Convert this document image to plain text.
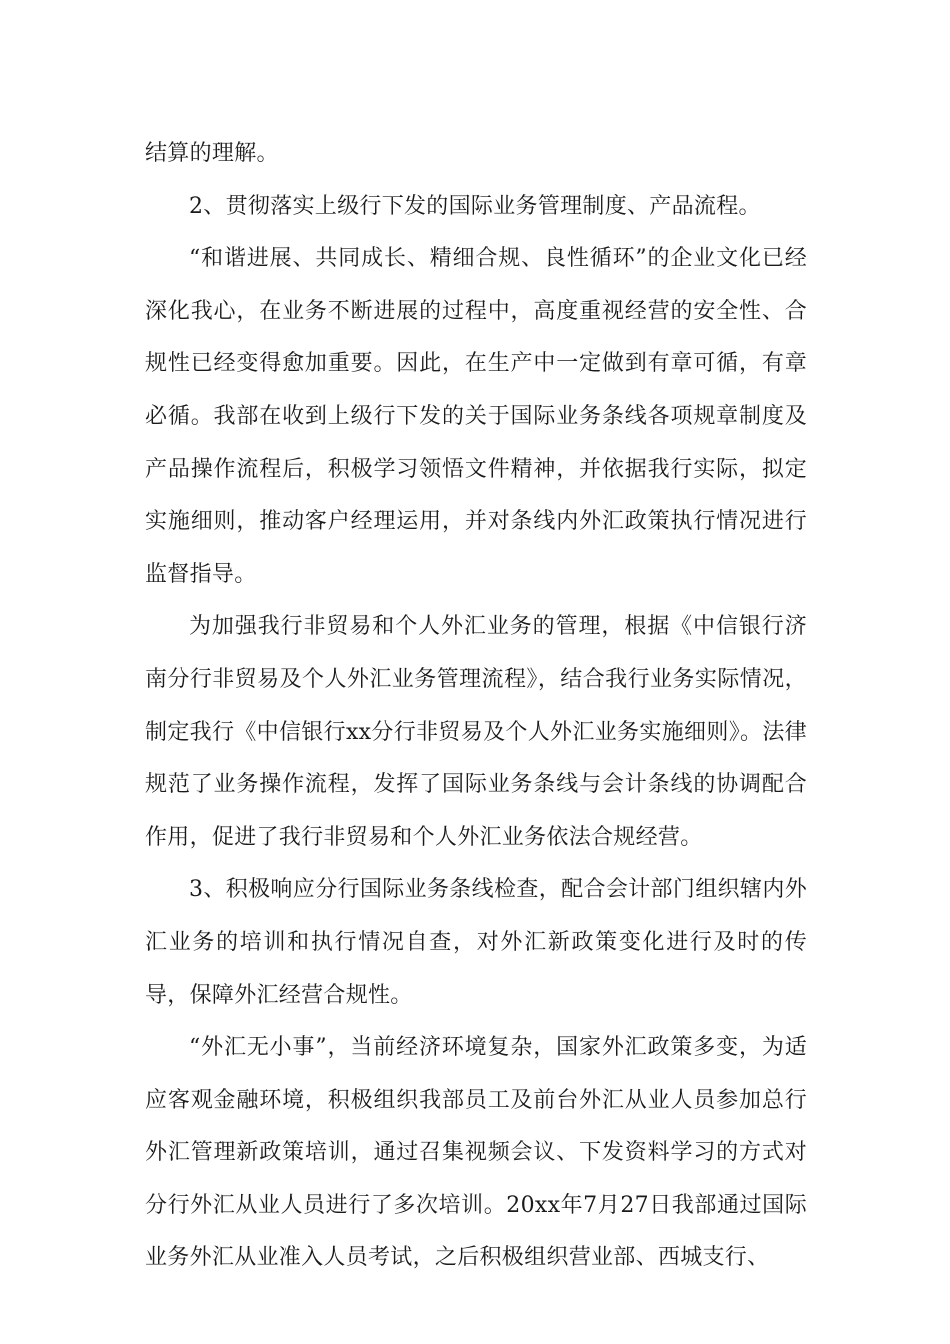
结算的理解。

2、贯彻落实上级行下发的国际业务管理制度、产品流程。

“和谐进展、共同成长、精细合规、良性循环”的企业文化已经深化我心，在业务不断进展的过程中，高度重视经营的安全性、合规性已经变得愈加重要。因此，在生产中一定做到有章可循，有章必循。我部在收到上级行下发的关于国际业务条线各项规章制度及产品操作流程后，积极学习领悟文件精神，并依据我行实际，拟定实施细则，推动客户经理运用，并对条线内外汇政策执行情况进行监督指导。

为加强我行非贸易和个人外汇业务的管理，根据《中信银行济南分行非贸易及个人外汇业务管理流程》，结合我行业务实际情况，制定我行《中信银行xx分行非贸易及个人外汇业务实施细则》。法律规范了业务操作流程，发挥了国际业务条线与会计条线的协调配合作用，促进了我行非贸易和个人外汇业务依法合规经营。

3、积极响应分行国际业务条线检查，配合会计部门组织辖内外汇业务的培训和执行情况自查，对外汇新政策变化进行及时的传导，保障外汇经营合规性。

“外汇无小事”，当前经济环境复杂，国家外汇政策多变，为适应客观金融环境，积极组织我部员工及前台外汇从业人员参加总行外汇管理新政策培训，通过召集视频会议、下发资料学习的方式对分行外汇从业人员进行了多次培训。20xx年7月27日我部通过国际业务外汇从业准入人员考试，之后积极组织营业部、西城支行、
